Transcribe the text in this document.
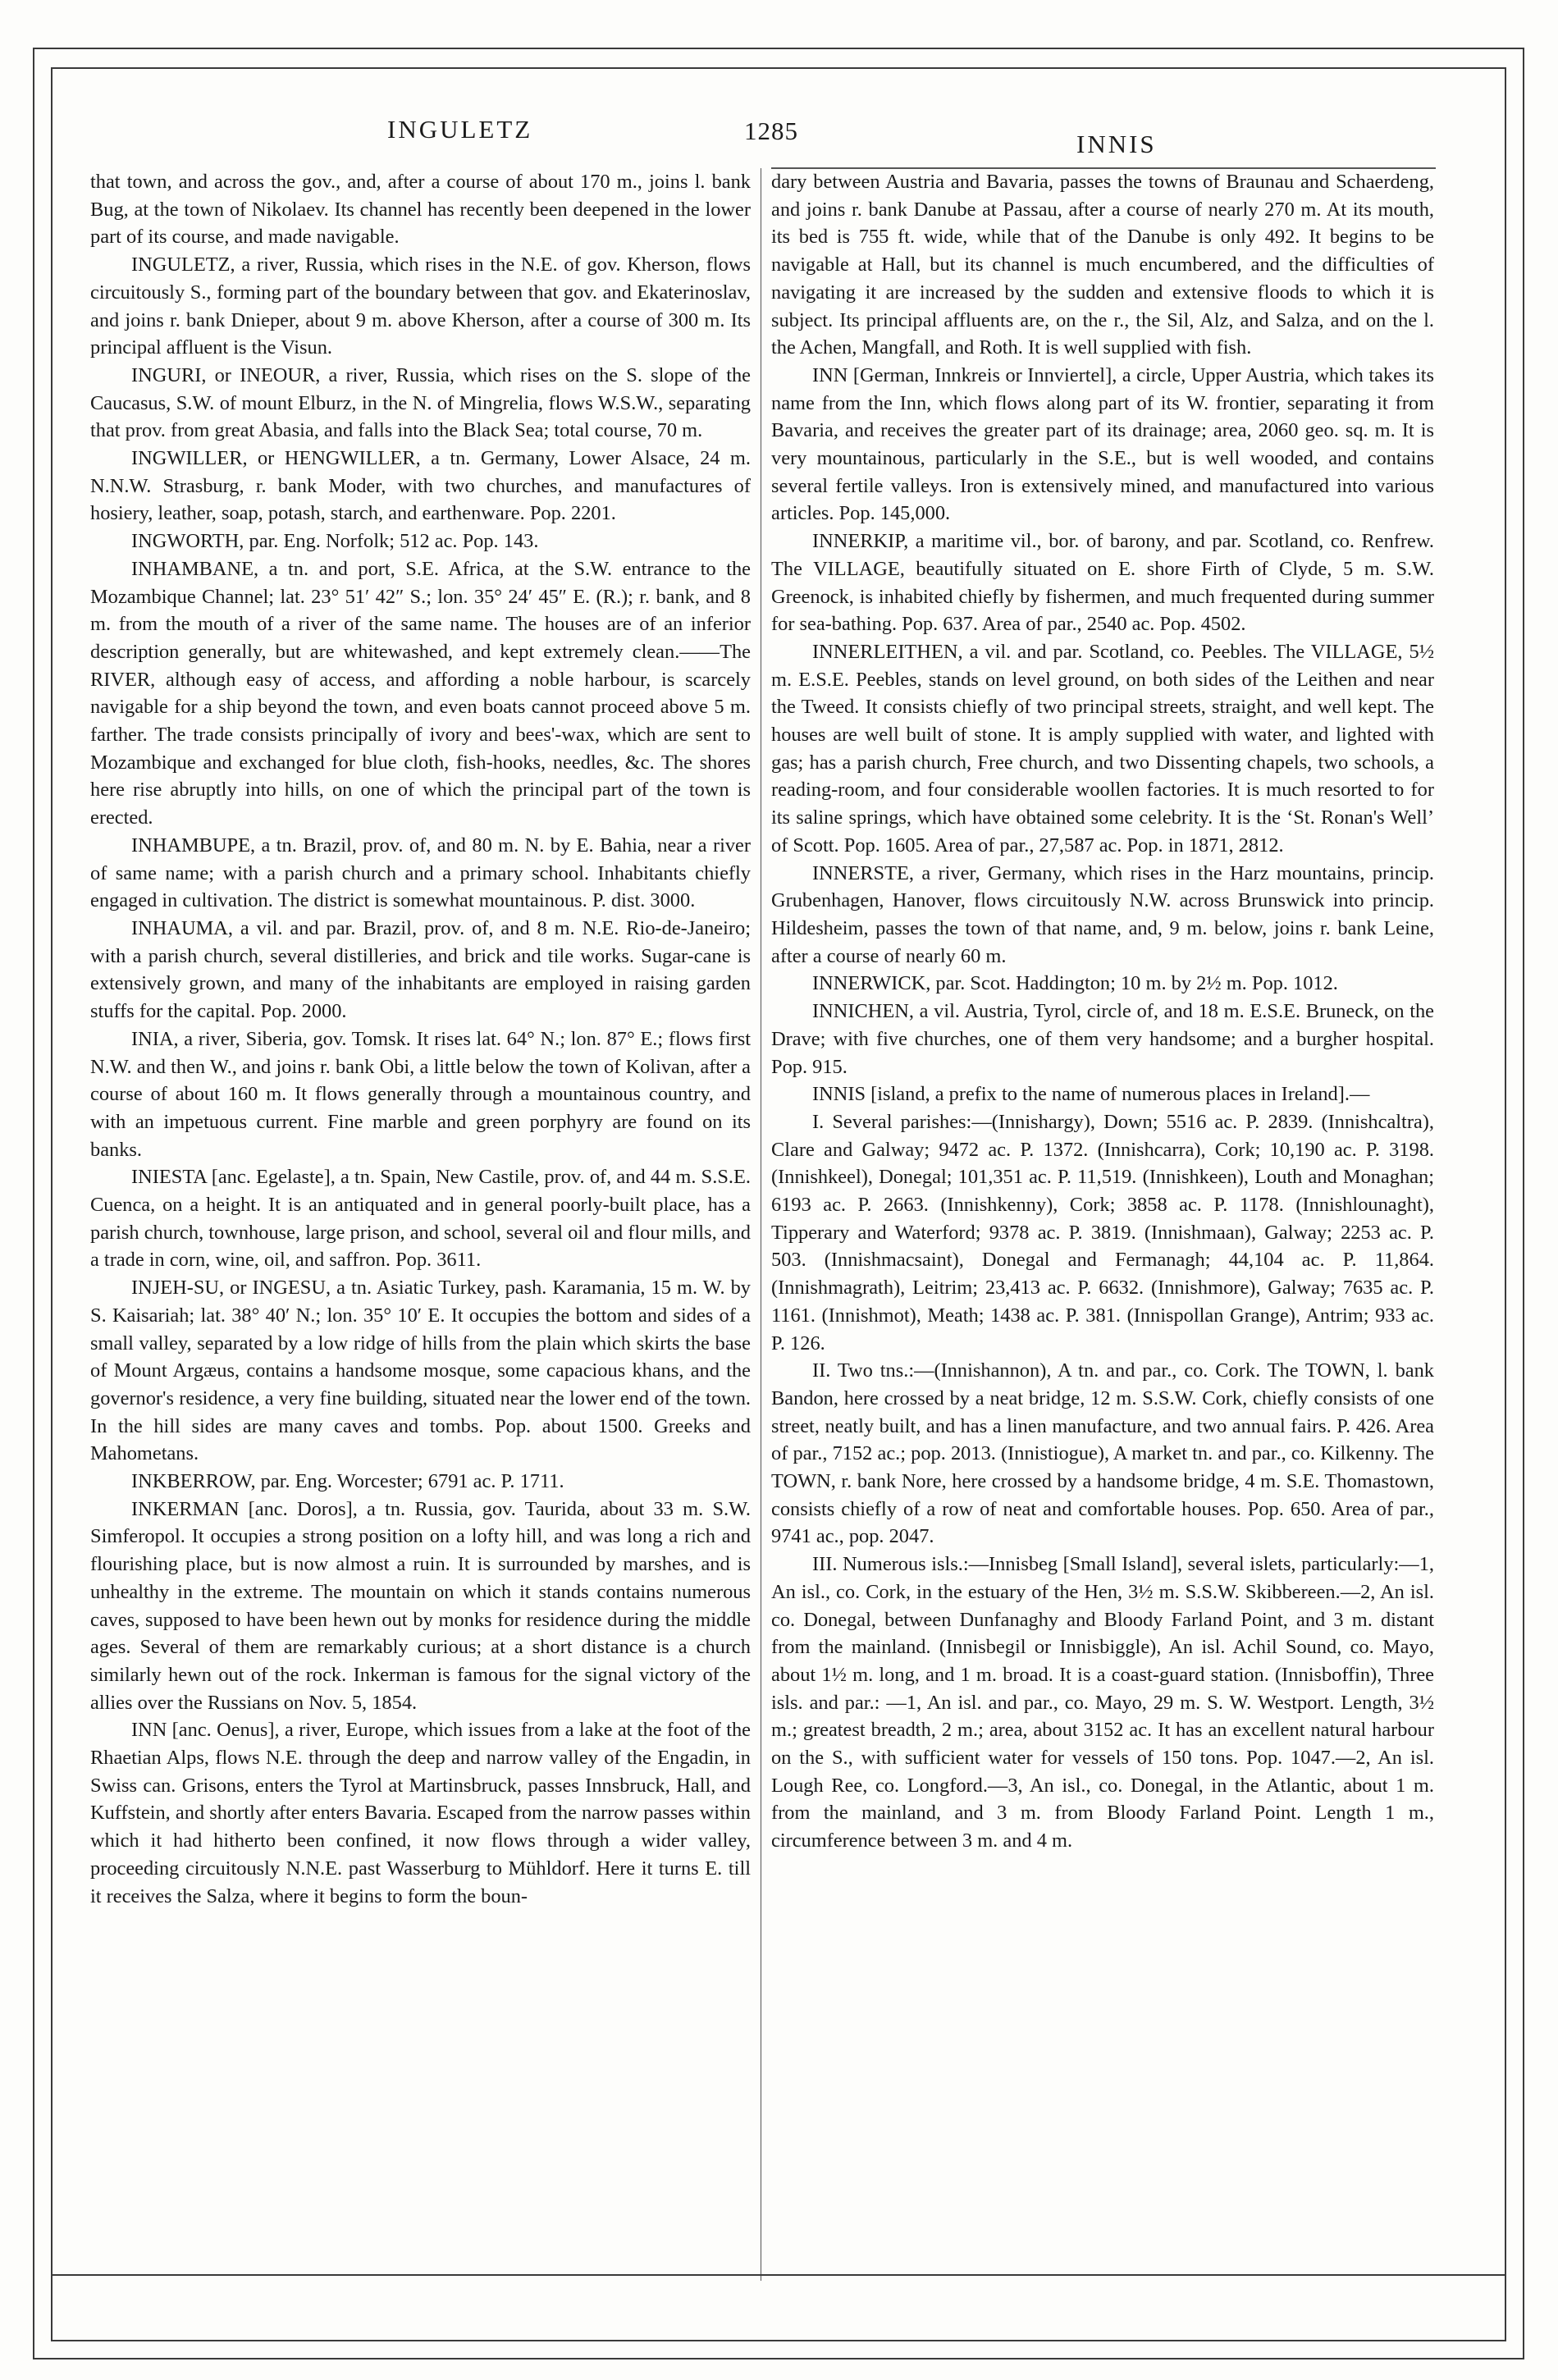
INGULETZ	1285	INNIS

that town, and across the gov., and, after a course of about 170 m., joins l. bank Bug, at the town of Nikolaev. Its channel has recently been deepened in the lower part of its course, and made navigable.

INGULETZ, a river, Russia, which rises in the N.E. of gov. Kherson, flows circuitously S., forming part of the boundary between that gov. and Ekaterinoslav, and joins r. bank Dnieper, about 9 m. above Kherson, after a course of 300 m. Its principal affluent is the Visun.

INGURI, or INEOUR, a river, Russia, which rises on the S. slope of the Caucasus, S.W. of mount Elburz, in the N. of Mingrelia, flows W.S.W., separating that prov. from great Abasia, and falls into the Black Sea; total course, 70 m.

INGWILLER, or HENGWILLER, a tn. Germany, Lower Alsace, 24 m. N.N.W. Strasburg, r. bank Moder, with two churches, and manufactures of hosiery, leather, soap, potash, starch, and earthenware. Pop. 2201.

INGWORTH, par. Eng. Norfolk; 512 ac. Pop. 143.

INHAMBANE, a tn. and port, S.E. Africa, at the S.W. entrance to the Mozambique Channel; lat. 23° 51′ 42″ S.; lon. 35° 24′ 45″ E. (R.); r. bank, and 8 m. from the mouth of a river of the same name. The houses are of an inferior description generally, but are whitewashed, and kept extremely clean.——The RIVER, although easy of access, and affording a noble harbour, is scarcely navigable for a ship beyond the town, and even boats cannot proceed above 5 m. farther. The trade consists principally of ivory and bees'-wax, which are sent to Mozambique and exchanged for blue cloth, fish-hooks, needles, &c. The shores here rise abruptly into hills, on one of which the principal part of the town is erected.

INHAMBUPE, a tn. Brazil, prov. of, and 80 m. N. by E. Bahia, near a river of same name; with a parish church and a primary school. Inhabitants chiefly engaged in cultivation. The district is somewhat mountainous. P. dist. 3000.

INHAUMA, a vil. and par. Brazil, prov. of, and 8 m. N.E. Rio-de-Janeiro; with a parish church, several distilleries, and brick and tile works. Sugar-cane is extensively grown, and many of the inhabitants are employed in raising garden stuffs for the capital. Pop. 2000.

INIA, a river, Siberia, gov. Tomsk. It rises lat. 64° N.; lon. 87° E.; flows first N.W. and then W., and joins r. bank Obi, a little below the town of Kolivan, after a course of about 160 m. It flows generally through a mountainous country, and with an impetuous current. Fine marble and green porphyry are found on its banks.

INIESTA [anc. Egelaste], a tn. Spain, New Castile, prov. of, and 44 m. S.S.E. Cuenca, on a height. It is an antiquated and in general poorly-built place, has a parish church, townhouse, large prison, and school, several oil and flour mills, and a trade in corn, wine, oil, and saffron. Pop. 3611.

INJEH-SU, or INGESU, a tn. Asiatic Turkey, pash. Karamania, 15 m. W. by S. Kaisariah; lat. 38° 40′ N.; lon. 35° 10′ E. It occupies the bottom and sides of a small valley, separated by a low ridge of hills from the plain which skirts the base of Mount Argæus, contains a handsome mosque, some capacious khans, and the governor's residence, a very fine building, situated near the lower end of the town. In the hill sides are many caves and tombs. Pop. about 1500. Greeks and Mahometans.

INKBERROW, par. Eng. Worcester; 6791 ac. P. 1711.

INKERMAN [anc. Doros], a tn. Russia, gov. Taurida, about 33 m. S.W. Simferopol. It occupies a strong position on a lofty hill, and was long a rich and flourishing place, but is now almost a ruin. It is surrounded by marshes, and is unhealthy in the extreme. The mountain on which it stands contains numerous caves, supposed to have been hewn out by monks for residence during the middle ages. Several of them are remarkably curious; at a short distance is a church similarly hewn out of the rock. Inkerman is famous for the signal victory of the allies over the Russians on Nov. 5, 1854.

INN [anc. Oenus], a river, Europe, which issues from a lake at the foot of the Rhaetian Alps, flows N.E. through the deep and narrow valley of the Engadin, in Swiss can. Grisons, enters the Tyrol at Martinsbruck, passes Innsbruck, Hall, and Kuffstein, and shortly after enters Bavaria. Escaped from the narrow passes within which it had hitherto been confined, it now flows through a wider valley, proceeding circuitously N.N.E. past Wasserburg to Mühldorf. Here it turns E. till it receives the Salza, where it begins to form the boun-

dary between Austria and Bavaria, passes the towns of Braunau and Schaerdeng, and joins r. bank Danube at Passau, after a course of nearly 270 m. At its mouth, its bed is 755 ft. wide, while that of the Danube is only 492. It begins to be navigable at Hall, but its channel is much encumbered, and the difficulties of navigating it are increased by the sudden and extensive floods to which it is subject. Its principal affluents are, on the r., the Sil, Alz, and Salza, and on the l. the Achen, Mangfall, and Roth. It is well supplied with fish.

INN [German, Innkreis or Innviertel], a circle, Upper Austria, which takes its name from the Inn, which flows along part of its W. frontier, separating it from Bavaria, and receives the greater part of its drainage; area, 2060 geo. sq. m. It is very mountainous, particularly in the S.E., but is well wooded, and contains several fertile valleys. Iron is extensively mined, and manufactured into various articles. Pop. 145,000.

INNERKIP, a maritime vil., bor. of barony, and par. Scotland, co. Renfrew. The VILLAGE, beautifully situated on E. shore Firth of Clyde, 5 m. S.W. Greenock, is inhabited chiefly by fishermen, and much frequented during summer for sea-bathing. Pop. 637. Area of par., 2540 ac. Pop. 4502.

INNERLEITHEN, a vil. and par. Scotland, co. Peebles. The VILLAGE, 5½ m. E.S.E. Peebles, stands on level ground, on both sides of the Leithen and near the Tweed. It consists chiefly of two principal streets, straight, and well kept. The houses are well built of stone. It is amply supplied with water, and lighted with gas; has a parish church, Free church, and two Dissenting chapels, two schools, a reading-room, and four considerable woollen factories. It is much resorted to for its saline springs, which have obtained some celebrity. It is the ‘St. Ronan's Well’ of Scott. Pop. 1605. Area of par., 27,587 ac. Pop. in 1871, 2812.

INNERSTE, a river, Germany, which rises in the Harz mountains, princip. Grubenhagen, Hanover, flows circuitously N.W. across Brunswick into princip. Hildesheim, passes the town of that name, and, 9 m. below, joins r. bank Leine, after a course of nearly 60 m.

INNERWICK, par. Scot. Haddington; 10 m. by 2½ m. Pop. 1012.

INNICHEN, a vil. Austria, Tyrol, circle of, and 18 m. E.S.E. Bruneck, on the Drave; with five churches, one of them very handsome; and a burgher hospital. Pop. 915.

INNIS [island, a prefix to the name of numerous places in Ireland].—

I. Several parishes:—(Innishargy), Down; 5516 ac. P. 2839. (Innishcaltra), Clare and Galway; 9472 ac. P. 1372. (Innishcarra), Cork; 10,190 ac. P. 3198. (Innishkeel), Donegal; 101,351 ac. P. 11,519. (Innishkeen), Louth and Monaghan; 6193 ac. P. 2663. (Innishkenny), Cork; 3858 ac. P. 1178. (Innishlounaght), Tipperary and Waterford; 9378 ac. P. 3819. (Innishmaan), Galway; 2253 ac. P. 503. (Innishmacsaint), Donegal and Fermanagh; 44,104 ac. P. 11,864. (Innishmagrath), Leitrim; 23,413 ac. P. 6632. (Innishmore), Galway; 7635 ac. P. 1161. (Innishmot), Meath; 1438 ac. P. 381. (Innispollan Grange), Antrim; 933 ac. P. 126.

II. Two tns.:—(Innishannon), A tn. and par., co. Cork. The TOWN, l. bank Bandon, here crossed by a neat bridge, 12 m. S.S.W. Cork, chiefly consists of one street, neatly built, and has a linen manufacture, and two annual fairs. P. 426. Area of par., 7152 ac.; pop. 2013. (Innistiogue), A market tn. and par., co. Kilkenny. The TOWN, r. bank Nore, here crossed by a handsome bridge, 4 m. S.E. Thomastown, consists chiefly of a row of neat and comfortable houses. Pop. 650. Area of par., 9741 ac., pop. 2047.

III. Numerous isls.:—Innisbeg [Small Island], several islets, particularly:—1, An isl., co. Cork, in the estuary of the Hen, 3½ m. S.S.W. Skibbereen.—2, An isl. co. Donegal, between Dunfanaghy and Bloody Farland Point, and 3 m. distant from the mainland. (Innisbegil or Innisbiggle), An isl. Achil Sound, co. Mayo, about 1½ m. long, and 1 m. broad. It is a coast-guard station. (Innisboffin), Three isls. and par.: —1, An isl. and par., co. Mayo, 29 m. S. W. Westport. Length, 3½ m.; greatest breadth, 2 m.; area, about 3152 ac. It has an excellent natural harbour on the S., with sufficient water for vessels of 150 tons. Pop. 1047.—2, An isl. Lough Ree, co. Longford.—3, An isl., co. Donegal, in the Atlantic, about 1 m. from the mainland, and 3 m. from Bloody Farland Point. Length 1 m., circumference between 3 m. and 4 m.
